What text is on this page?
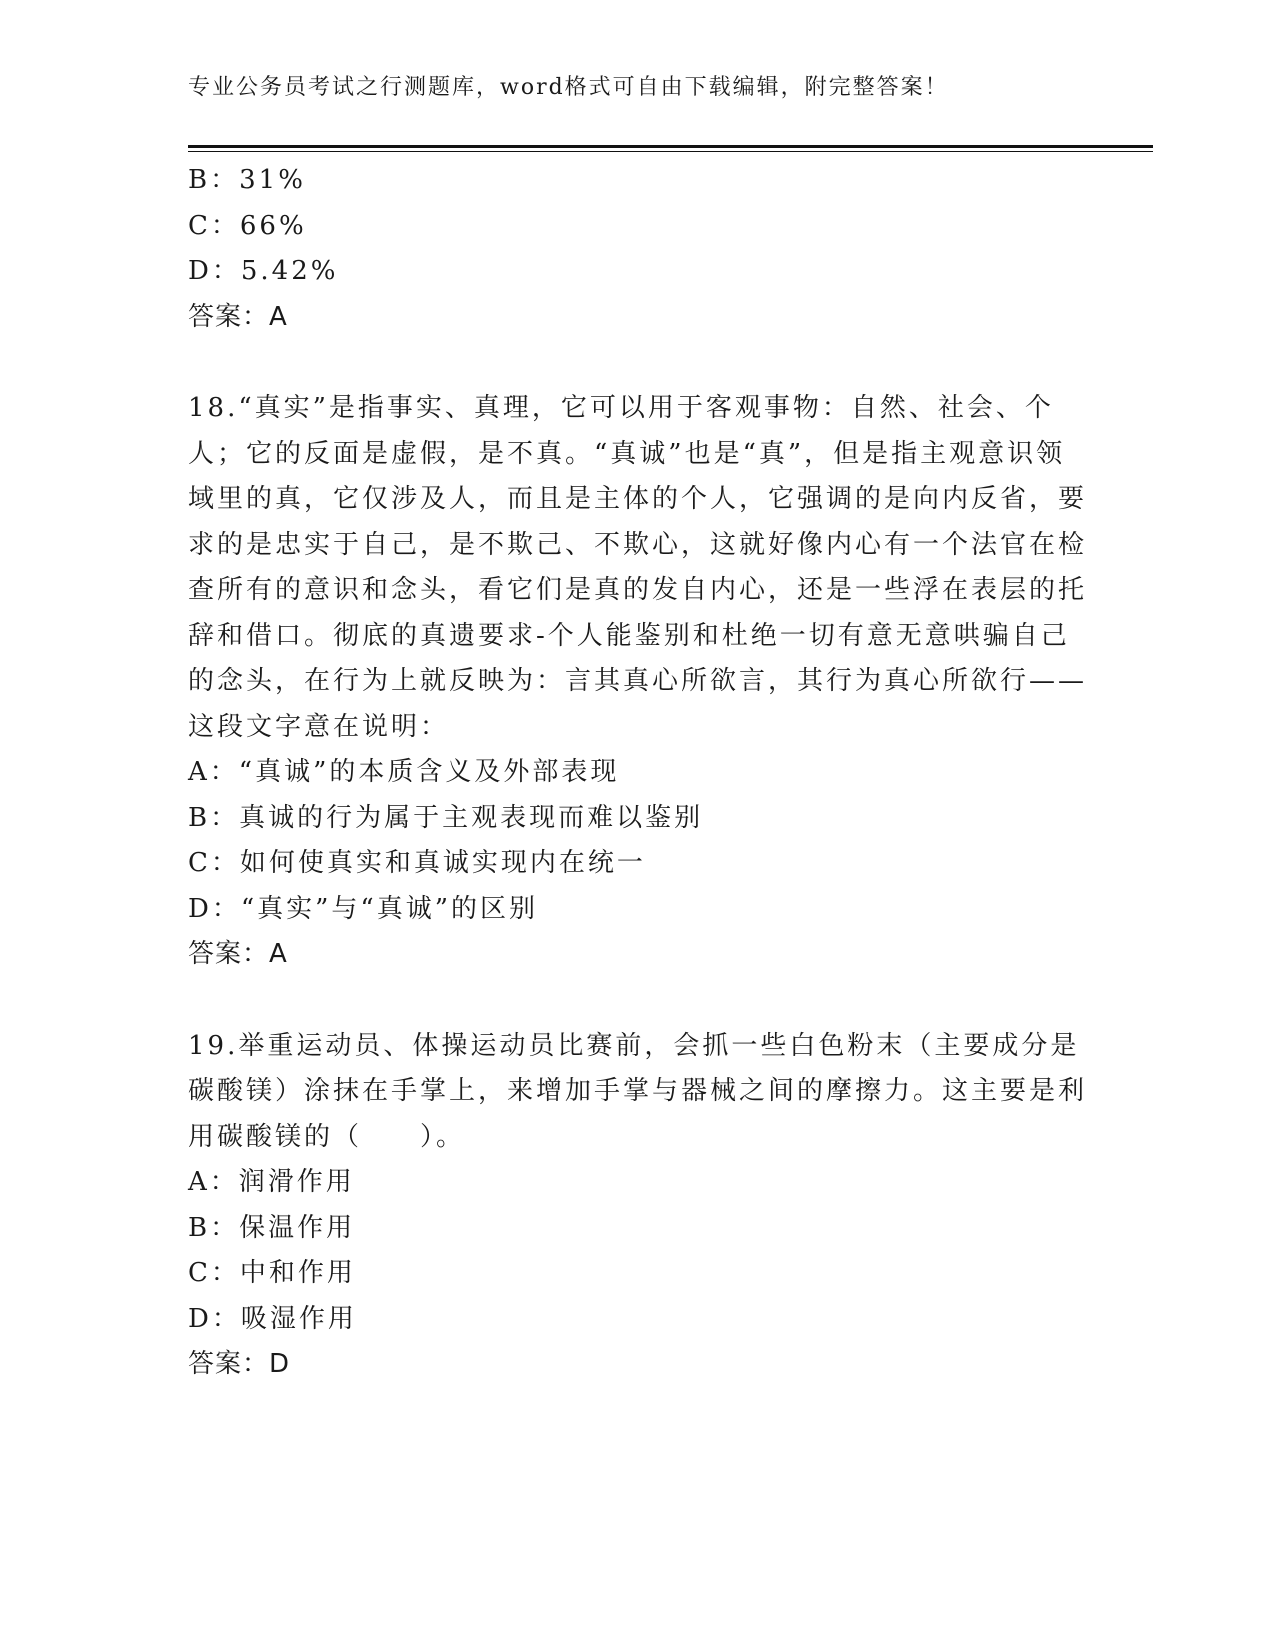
专业公务员考试之行测题库，word格式可自由下载编辑，附完整答案！
B：31%
C：66%
D：5.42%
答案：A
18.“真实”是指事实、真理，它可以用于客观事物：自然、社会、个人；它的反面是虚假，是不真。“真诚”也是“真”，但是指主观意识领域里的真，它仅涉及人，而且是主体的个人，它强调的是向内反省，要求的是忠实于自己，是不欺己、不欺心，这就好像内心有一个法官在检查所有的意识和念头，看它们是真的发自内心，还是一些浮在表层的托辞和借口。彻底的真遗要求-个人能鉴别和杜绝一切有意无意哄骗自己的念头，在行为上就反映为：言其真心所欲言，其行为真心所欲行——这段文字意在说明：
A：“真诚”的本质含义及外部表现
B：真诚的行为属于主观表现而难以鉴别
C：如何使真实和真诚实现内在统一
D：“真实”与“真诚”的区别
答案：A
19.举重运动员、体操运动员比赛前，会抓一些白色粉末（主要成分是碳酸镁）涂抹在手掌上，来增加手掌与器械之间的摩擦力。这主要是利用碳酸镁的（　　）。
A：润滑作用
B：保温作用
C：中和作用
D：吸湿作用
答案：D
